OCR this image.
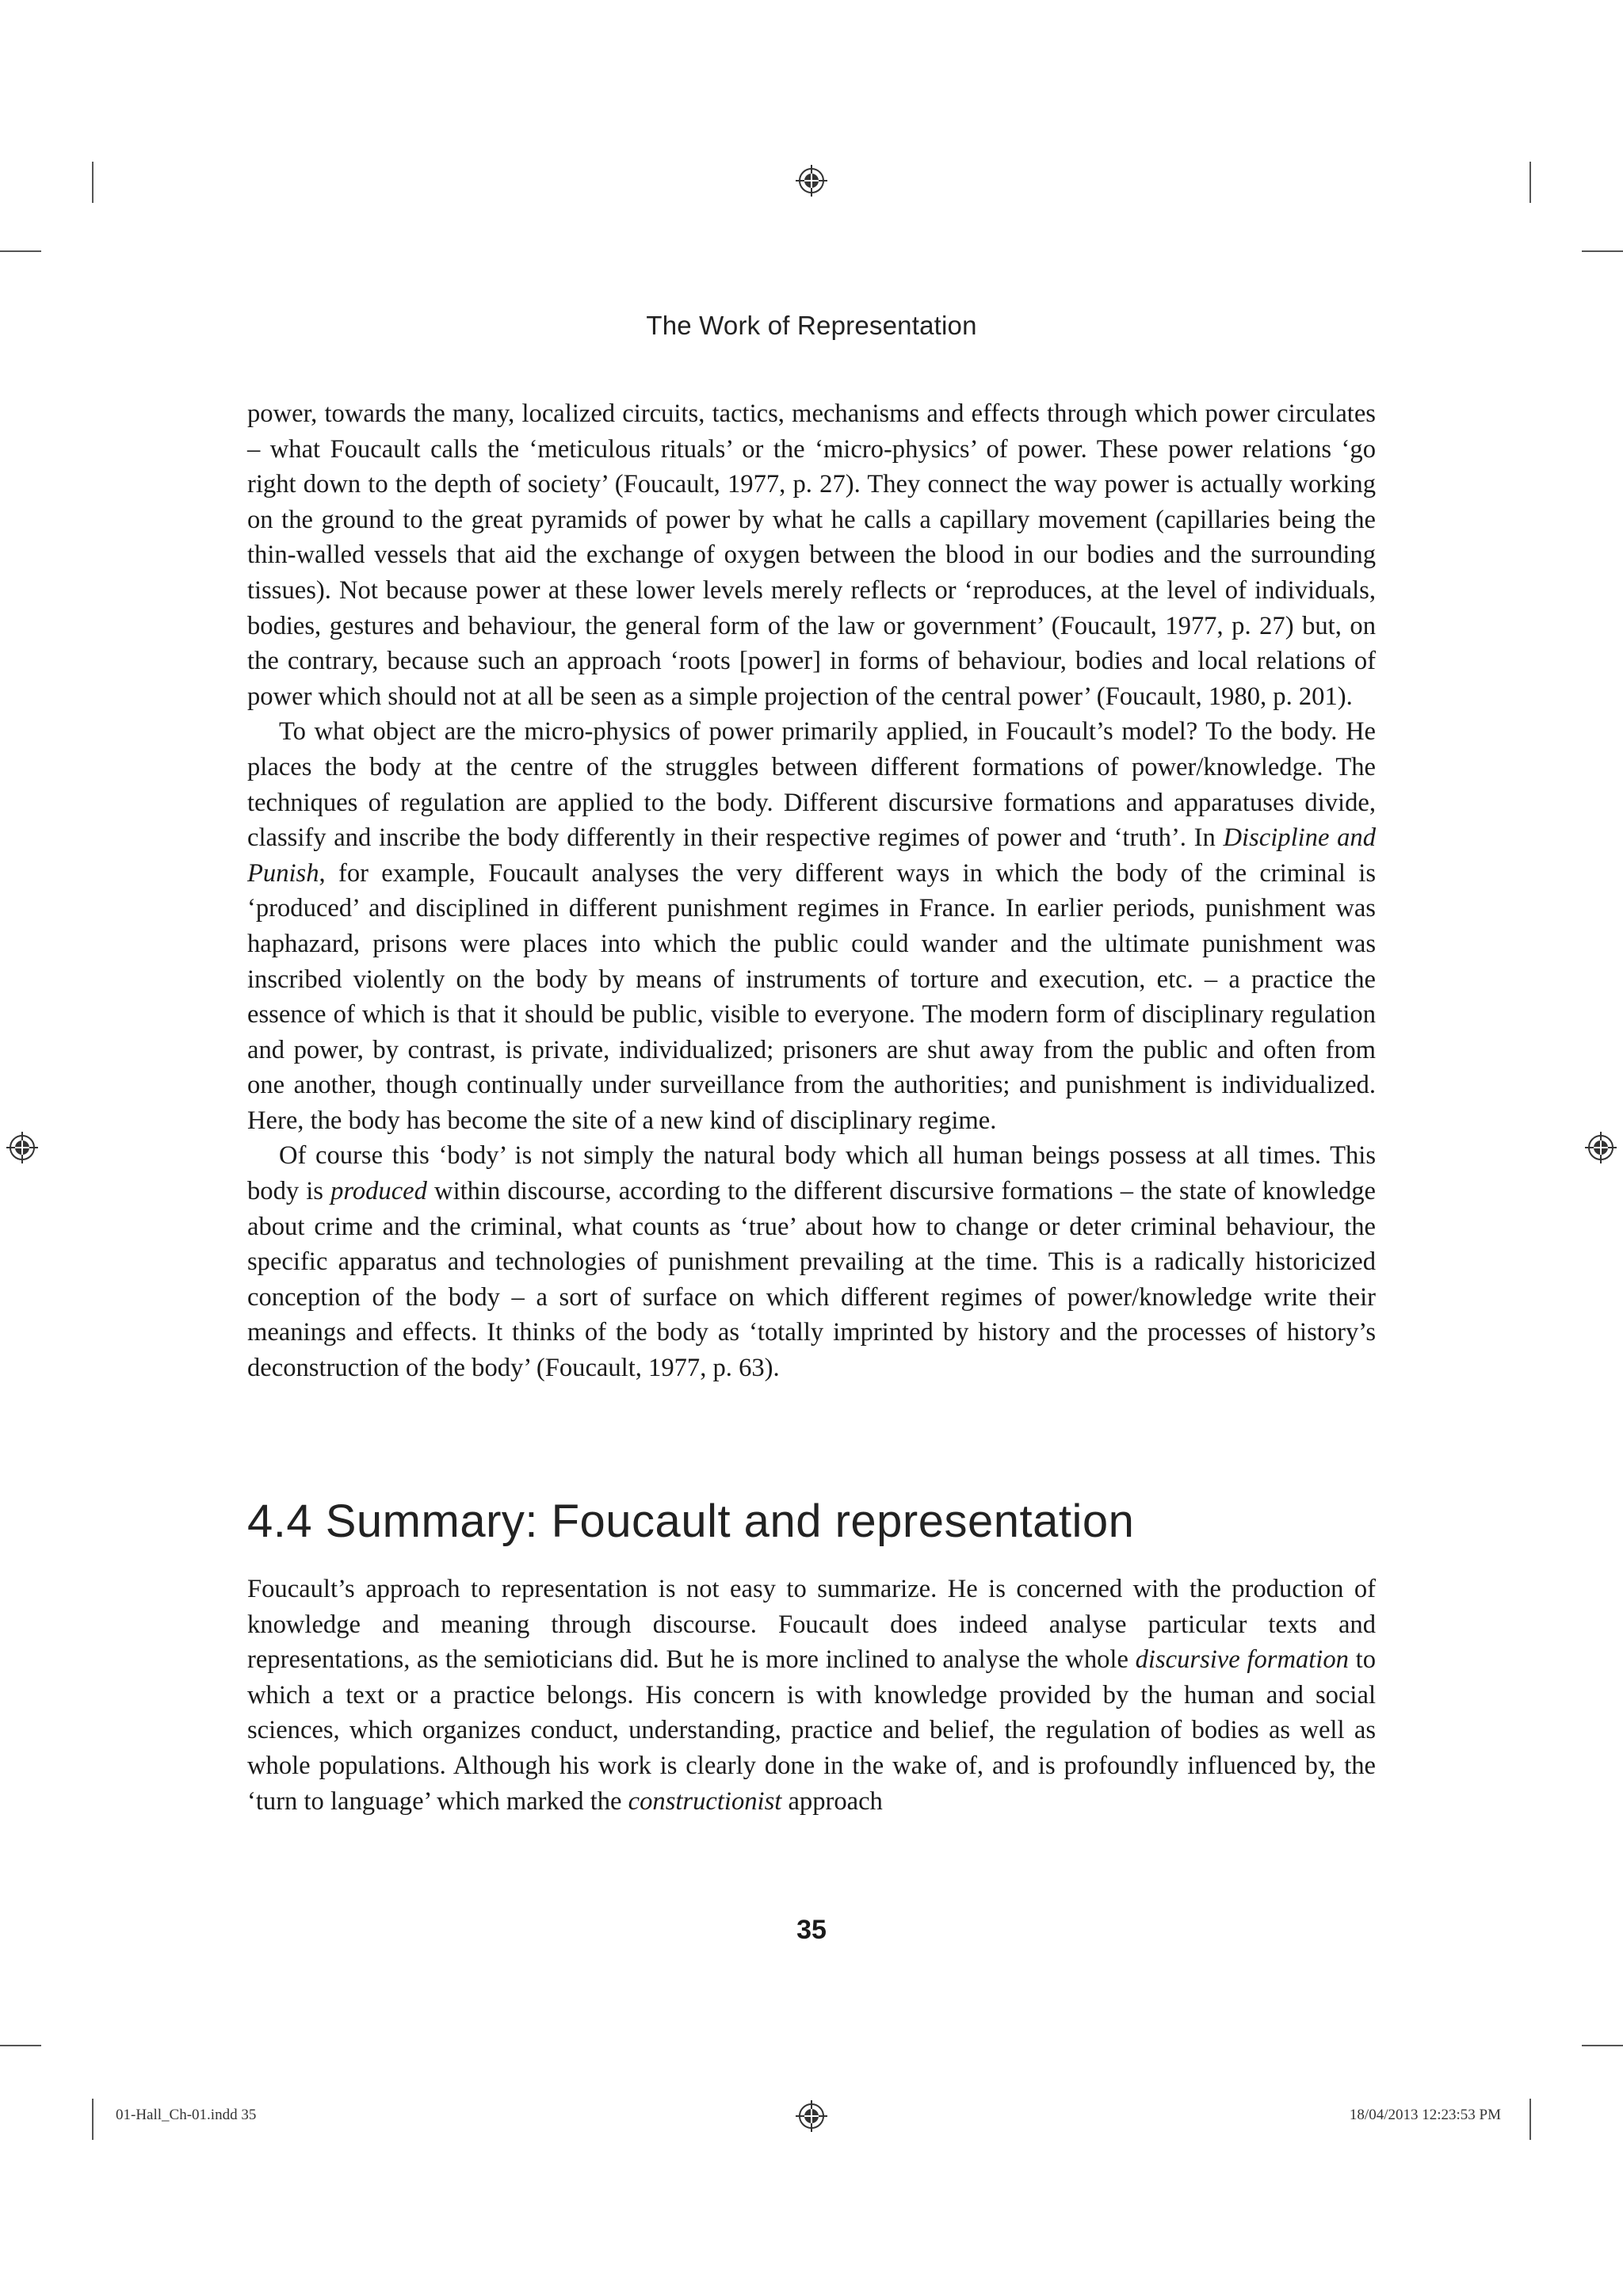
The Work of Representation

power, towards the many, localized circuits, tactics, mechanisms and effects through which power circulates – what Foucault calls the ‘meticulous rituals’ or the ‘micro-physics’ of power. These power relations ‘go right down to the depth of society’ (Foucault, 1977, p. 27). They connect the way power is actually working on the ground to the great pyramids of power by what he calls a capillary movement (capillaries being the thin-walled vessels that aid the exchange of oxygen between the blood in our bodies and the surrounding tissues). Not because power at these lower levels merely reflects or ‘reproduces, at the level of individuals, bodies, gestures and behaviour, the general form of the law or government’ (Foucault, 1977, p. 27) but, on the contrary, because such an approach ‘roots [power] in forms of behaviour, bodies and local relations of power which should not at all be seen as a simple projection of the central power’ (Foucault, 1980, p. 201).

To what object are the micro-physics of power primarily applied, in Foucault’s model? To the body. He places the body at the centre of the struggles between different formations of power/knowledge. The techniques of regulation are applied to the body. Different discursive formations and apparatuses divide, classify and inscribe the body differently in their respective regimes of power and ‘truth’. In Discipline and Punish, for example, Foucault analyses the very different ways in which the body of the criminal is ‘produced’ and disciplined in different punishment regimes in France. In earlier periods, punishment was haphazard, prisons were places into which the public could wander and the ultimate punishment was inscribed violently on the body by means of instruments of torture and execution, etc. – a practice the essence of which is that it should be public, visible to everyone. The modern form of disciplinary regulation and power, by contrast, is private, individualized; prisoners are shut away from the public and often from one another, though continually under surveillance from the authorities; and punishment is individualized. Here, the body has become the site of a new kind of disciplinary regime.

Of course this ‘body’ is not simply the natural body which all human beings possess at all times. This body is produced within discourse, according to the different discursive formations – the state of knowledge about crime and the criminal, what counts as ‘true’ about how to change or deter criminal behaviour, the specific apparatus and technologies of punishment prevailing at the time. This is a radically historicized conception of the body – a sort of surface on which different regimes of power/knowledge write their meanings and effects. It thinks of the body as ‘totally imprinted by history and the processes of history’s deconstruction of the body’ (Foucault, 1977, p. 63).

4.4 Summary: Foucault and representation

Foucault’s approach to representation is not easy to summarize. He is concerned with the production of knowledge and meaning through discourse. Foucault does indeed analyse particular texts and representations, as the semioticians did. But he is more inclined to analyse the whole discursive formation to which a text or a practice belongs. His concern is with knowledge provided by the human and social sciences, which organizes conduct, understanding, practice and belief, the regulation of bodies as well as whole populations. Although his work is clearly done in the wake of, and is profoundly influenced by, the ‘turn to language’ which marked the constructionist approach

35
01-Hall_Ch-01.indd 35	18/04/2013 12:23:53 PM
